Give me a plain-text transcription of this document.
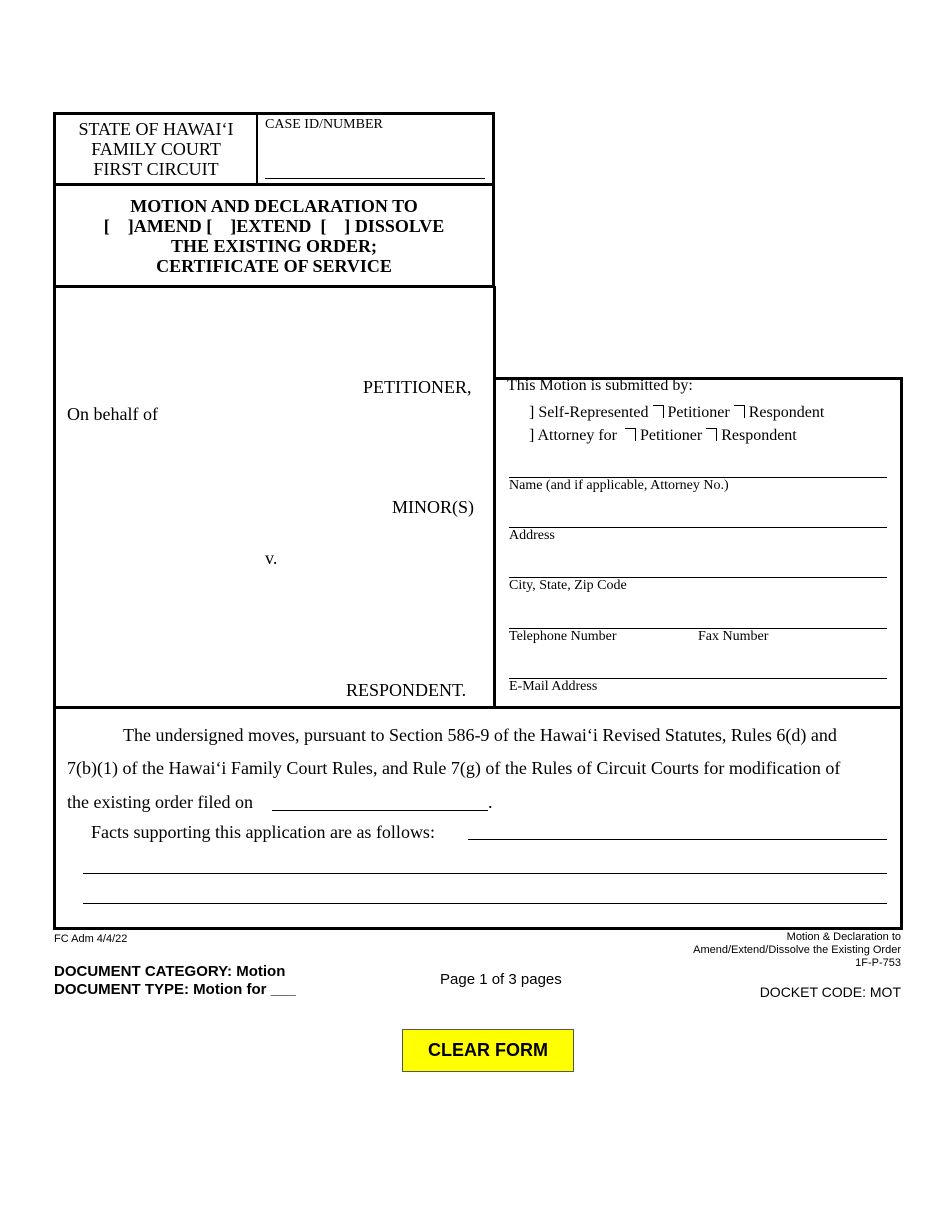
STATE OF HAWAI‘I
FAMILY COURT
FIRST CIRCUIT
CASE ID/NUMBER
MOTION AND DECLARATION TO
[    ]AMEND [    ]EXTEND  [    ] DISSOLVE
THE EXISTING ORDER;
CERTIFICATE OF SERVICE
PETITIONER,
On behalf of
MINOR(S)
v.
RESPONDENT.
This Motion is submitted by:
] Self-Represented Petitioner Respondent
] Attorney for Petitioner Respondent
Name (and if applicable, Attorney No.)
Address
City, State, Zip Code
Telephone Number	Fax Number
E-Mail Address
The undersigned moves, pursuant to Section 586-9 of the Hawai‘i Revised Statutes, Rules 6(d) and
7(b)(1) of the Hawai‘i Family Court Rules, and Rule 7(g) of the Rules of Circuit Courts for modification of
the existing order filed on	.
Facts supporting this application are as follows:
FC Adm 4/4/22	Motion & Declaration to
Amend/Extend/Dissolve the Existing Order
1F-P-753
DOCUMENT CATEGORY: Motion
DOCUMENT TYPE: Motion for ___
Page 1 of 3 pages
DOCKET CODE: MOT
CLEAR FORM
